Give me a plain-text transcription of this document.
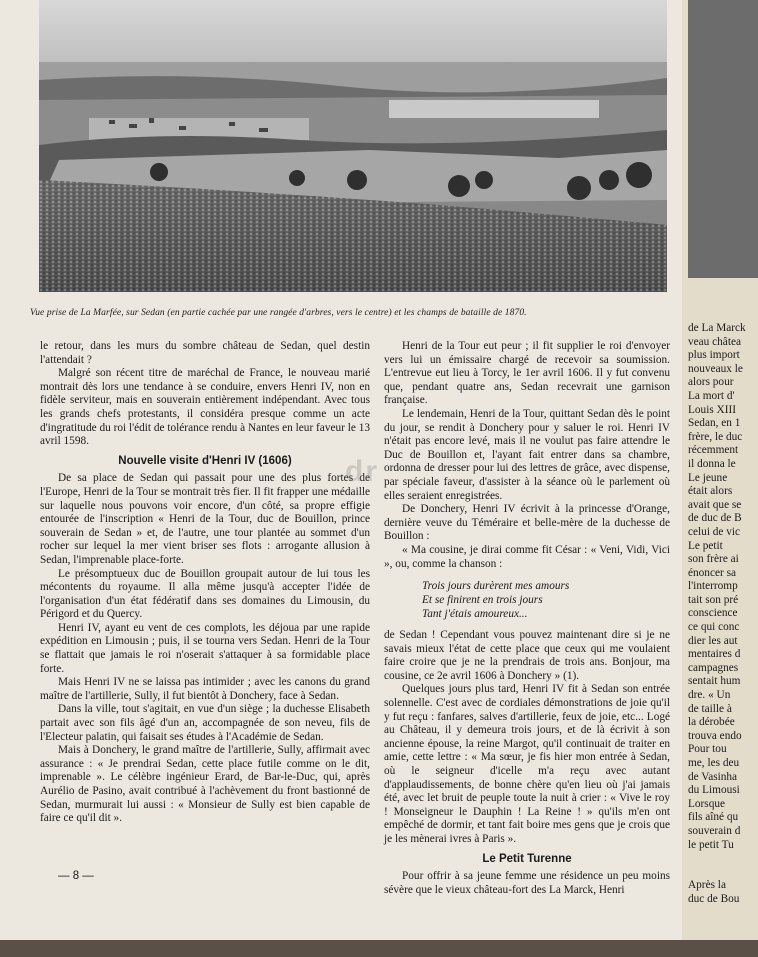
Vue prise de La Marfée, sur Sedan (en partie cachée par une rangée d'arbres, vers le centre) et les champs de bataille de 1870.

le retour, dans les murs du sombre château de Sedan, quel destin l'attendait ?

Malgré son récent titre de maréchal de France, le nouveau marié montrait dès lors une tendance à se conduire, envers Henri IV, non en fidèle serviteur, mais en souverain entièrement indépendant. Avec tous les grands chefs protestants, il considéra presque comme un acte d'ingratitude du roi l'édit de tolérance rendu à Nantes en leur faveur le 13 avril 1598.

Nouvelle visite d'Henri IV (1606)

De sa place de Sedan qui passait pour une des plus fortes de l'Europe, Henri de la Tour se montrait très fier. Il fit frapper une médaille sur laquelle nous pouvons voir encore, d'un côté, sa propre effigie entourée de l'inscription « Henri de la Tour, duc de Bouillon, prince souverain de Sedan » et, de l'autre, une tour plantée au sommet d'un rocher sur lequel la mer vient briser ses flots : arrogante allusion à Sedan, l'imprenable place-forte.

Le présomptueux duc de Bouillon groupait autour de lui tous les mécontents du royaume. Il alla même jusqu'à accepter l'idée de l'organisation d'un état fédératif dans ses domaines du Limousin, du Périgord et du Quercy.

Henri IV, ayant eu vent de ces complots, les déjoua par une rapide expédition en Limousin ; puis, il se tourna vers Sedan. Henri de la Tour se flattait que jamais le roi n'oserait s'attaquer à sa formidable place forte.

Mais Henri IV ne se laissa pas intimider ; avec les canons du grand maître de l'artillerie, Sully, il fut bientôt à Donchery, face à Sedan.

Dans la ville, tout s'agitait, en vue d'un siège ; la duchesse Elisabeth partait avec son fils âgé d'un an, accompagnée de son neveu, fils de l'Electeur palatin, qui faisait ses études à l'Académie de Sedan.

Mais à Donchery, le grand maître de l'artillerie, Sully, affirmait avec assurance : « Je prendrai Sedan, cette place futile comme on le dit, imprenable ». Le célèbre ingénieur Erard, de Bar-le-Duc, qui, après Aurélio de Pasino, avait contribué à l'achèvement du front bastionné de Sedan, murmurait lui aussi : « Monsieur de Sully est bien capable de faire ce qu'il dit ».

Henri de la Tour eut peur ; il fit supplier le roi d'envoyer vers lui un émissaire chargé de recevoir sa soumission. L'entrevue eut lieu à Torcy, le 1er avril 1606. Il y fut convenu que, pendant quatre ans, Sedan recevrait une garnison française.

Le lendemain, Henri de la Tour, quittant Sedan dès le point du jour, se rendit à Donchery pour y saluer le roi. Henri IV n'était pas encore levé, mais il ne voulut pas faire attendre le Duc de Bouillon et, l'ayant fait entrer dans sa chambre, ordonna de dresser pour lui des lettres de grâce, avec dispense, par spéciale faveur, d'assister à la séance où le parlement où elles seraient enregistrées.

De Donchery, Henri IV écrivit à la princesse d'Orange, dernière veuve du Téméraire et belle-mère de la duchesse de Bouillon :

« Ma cousine, je dirai comme fit César : « Veni, Vidi, Vici », ou, comme la chanson :

Trois jours durèrent mes amours
Et se finirent en trois jours
Tant j'étais amoureux...

de Sedan ! Cependant vous pouvez maintenant dire si je ne savais mieux l'état de cette place que ceux qui me voulaient faire croire que je ne la prendrais de trois ans. Bonjour, ma cousine, ce 2e avril 1606 à Donchery » (1).

Quelques jours plus tard, Henri IV fit à Sedan son entrée solennelle. C'est avec de cordiales démonstrations de joie qu'il y fut reçu : fanfares, salves d'artillerie, feux de joie, etc... Logé au Château, il y demeura trois jours, et de là écrivit à son ancienne épouse, la reine Margot, qu'il continuait de traiter en amie, cette lettre : « Ma sœur, je fis hier mon entrée à Sedan, où le seigneur d'icelle m'a reçu avec autant d'applaudissements, de bonne chère qu'en lieu où j'ai jamais été, avec let bruit de peuple toute la nuit à crier : « Vive le roy ! Monseigneur le Dauphin ! La Reine ! » qu'ils m'en ont empêché de dormir, et tant fait boire mes gens que je crois que je les mènerai ivres à Paris ».

Le Petit Turenne

Pour offrir à sa jeune femme une résidence un peu moins sévère que le vieux château-fort des La Marck, Henri

dr
— 8 —
de La Marck
veau châtea
plus import
nouveaux le
alors pour
La mort d'
Louis XIII
Sedan, en 1
frère, le duc
récemment
il donna le
Le jeune
était alors
avait que se
de duc de B
celui de vic
Le petit
son frère ai
énoncer sa
l'interromp
tait son pré
conscience
ce qui conc
dier les aut
mentaires d
campagnes
sentait hum
dre. « Un
de taille à
la dérobée
trouva endo
Pour tou
me, les deu
de Vasinha
du Limousi
Lorsque
fils aîné qu
souverain d
le petit Tu
Après la
duc de Bou
